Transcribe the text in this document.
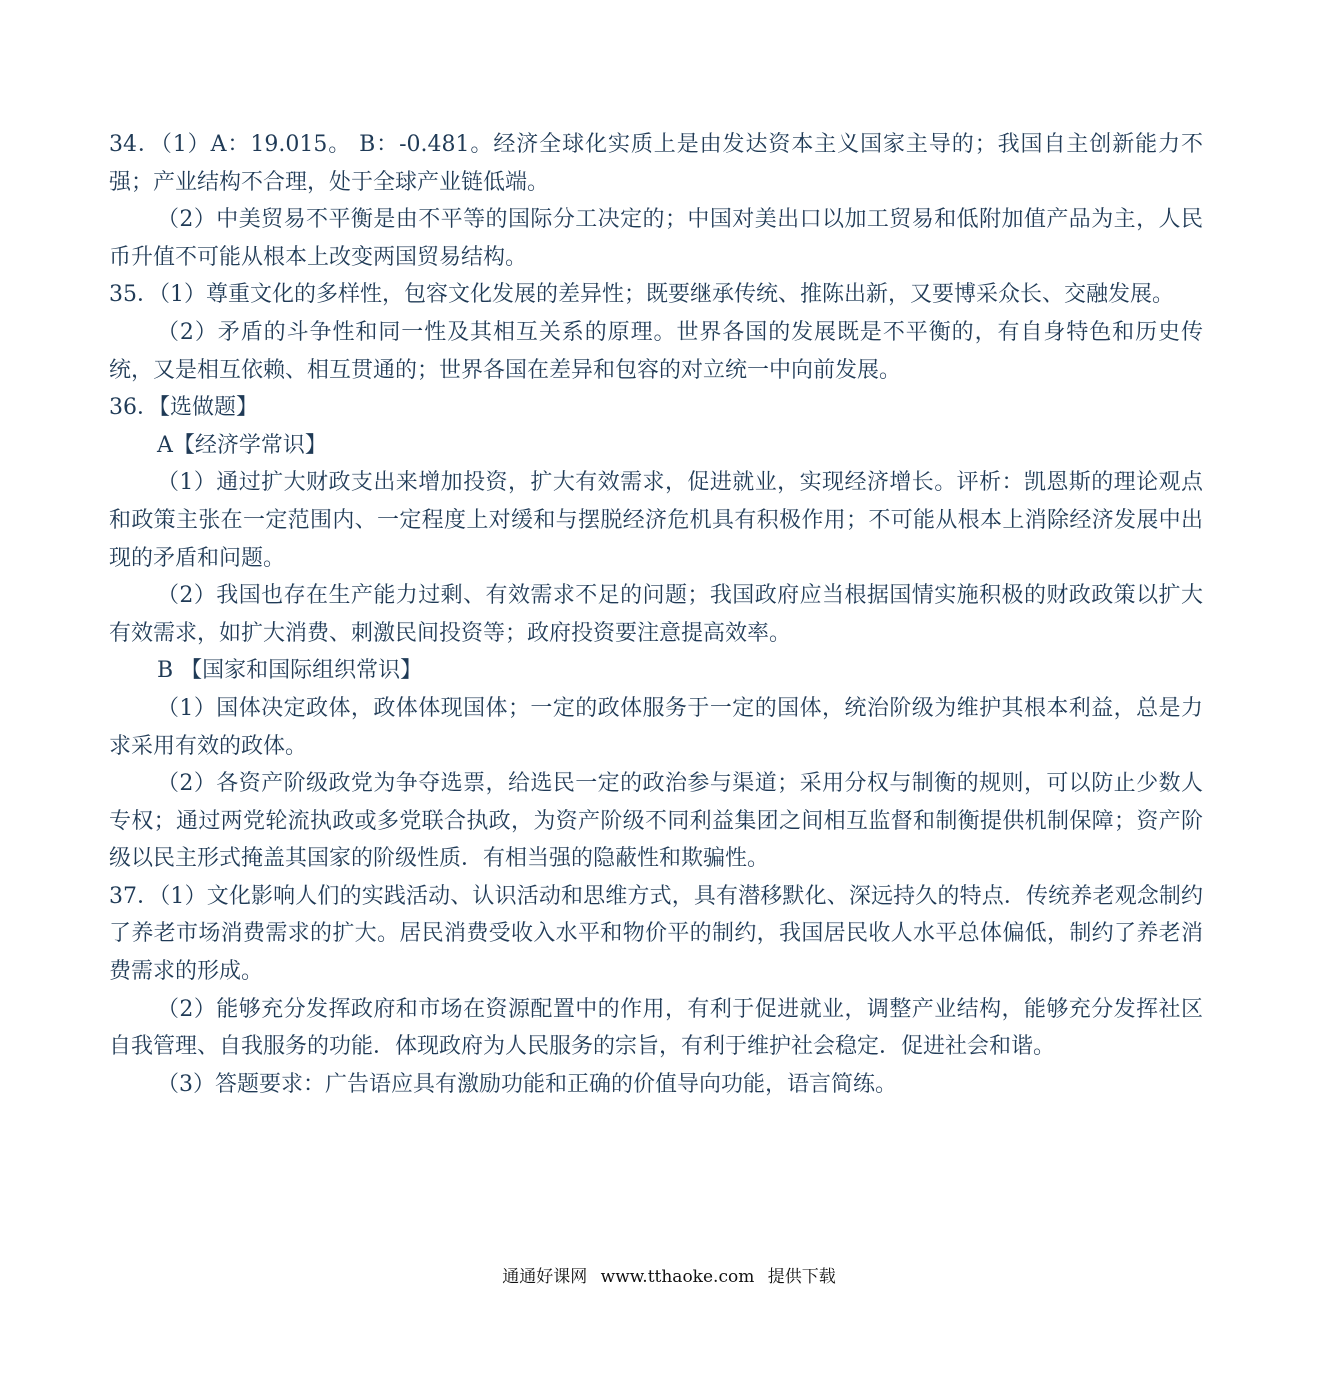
34．（1）A：19.015。 B：-0.481。经济全球化实质上是由发达资本主义国家主导的；我国自主创新能力不强；产业结构不合理，处于全球产业链低端。

（2）中美贸易不平衡是由不平等的国际分工决定的；中国对美出口以加工贸易和低附加值产品为主，人民币升值不可能从根本上改变两国贸易结构。

35．（1）尊重文化的多样性，包容文化发展的差异性；既要继承传统、推陈出新，又要博采众长、交融发展。

（2）矛盾的斗争性和同一性及其相互关系的原理。世界各国的发展既是不平衡的，有自身特色和历史传统，又是相互依赖、相互贯通的；世界各国在差异和包容的对立统一中向前发展。

36．【选做题】

A【经济学常识】

（1）通过扩大财政支出来增加投资，扩大有效需求，促进就业，实现经济增长。评析：凯恩斯的理论观点和政策主张在一定范围内、一定程度上对缓和与摆脱经济危机具有积极作用；不可能从根本上消除经济发展中出现的矛盾和问题。

（2）我国也存在生产能力过剩、有效需求不足的问题；我国政府应当根据国情实施积极的财政政策以扩大有效需求，如扩大消费、刺激民间投资等；政府投资要注意提高效率。

B 【国家和国际组织常识】

（1）国体决定政体，政体体现国体；一定的政体服务于一定的国体，统治阶级为维护其根本利益，总是力求采用有效的政体。

（2）各资产阶级政党为争夺选票，给选民一定的政治参与渠道；采用分权与制衡的规则，可以防止少数人专权；通过两党轮流执政或多党联合执政，为资产阶级不同利益集团之间相互监督和制衡提供机制保障；资产阶级以民主形式掩盖其国家的阶级性质．有相当强的隐蔽性和欺骗性。

37．（1）文化影响人们的实践活动、认识活动和思维方式，具有潜移默化、深远持久的特点．传统养老观念制约了养老市场消费需求的扩大。居民消费受收入水平和物价平的制约，我国居民收人水平总体偏低，制约了养老消费需求的形成。

（2）能够充分发挥政府和市场在资源配置中的作用，有利于促进就业，调整产业结构，能够充分发挥社区自我管理、自我服务的功能．体现政府为人民服务的宗旨，有利于维护社会稳定．促进社会和谐。

（3）答题要求：广告语应具有激励功能和正确的价值导向功能，语言简练。

通通好课网 www.tthaoke.com 提供下载
